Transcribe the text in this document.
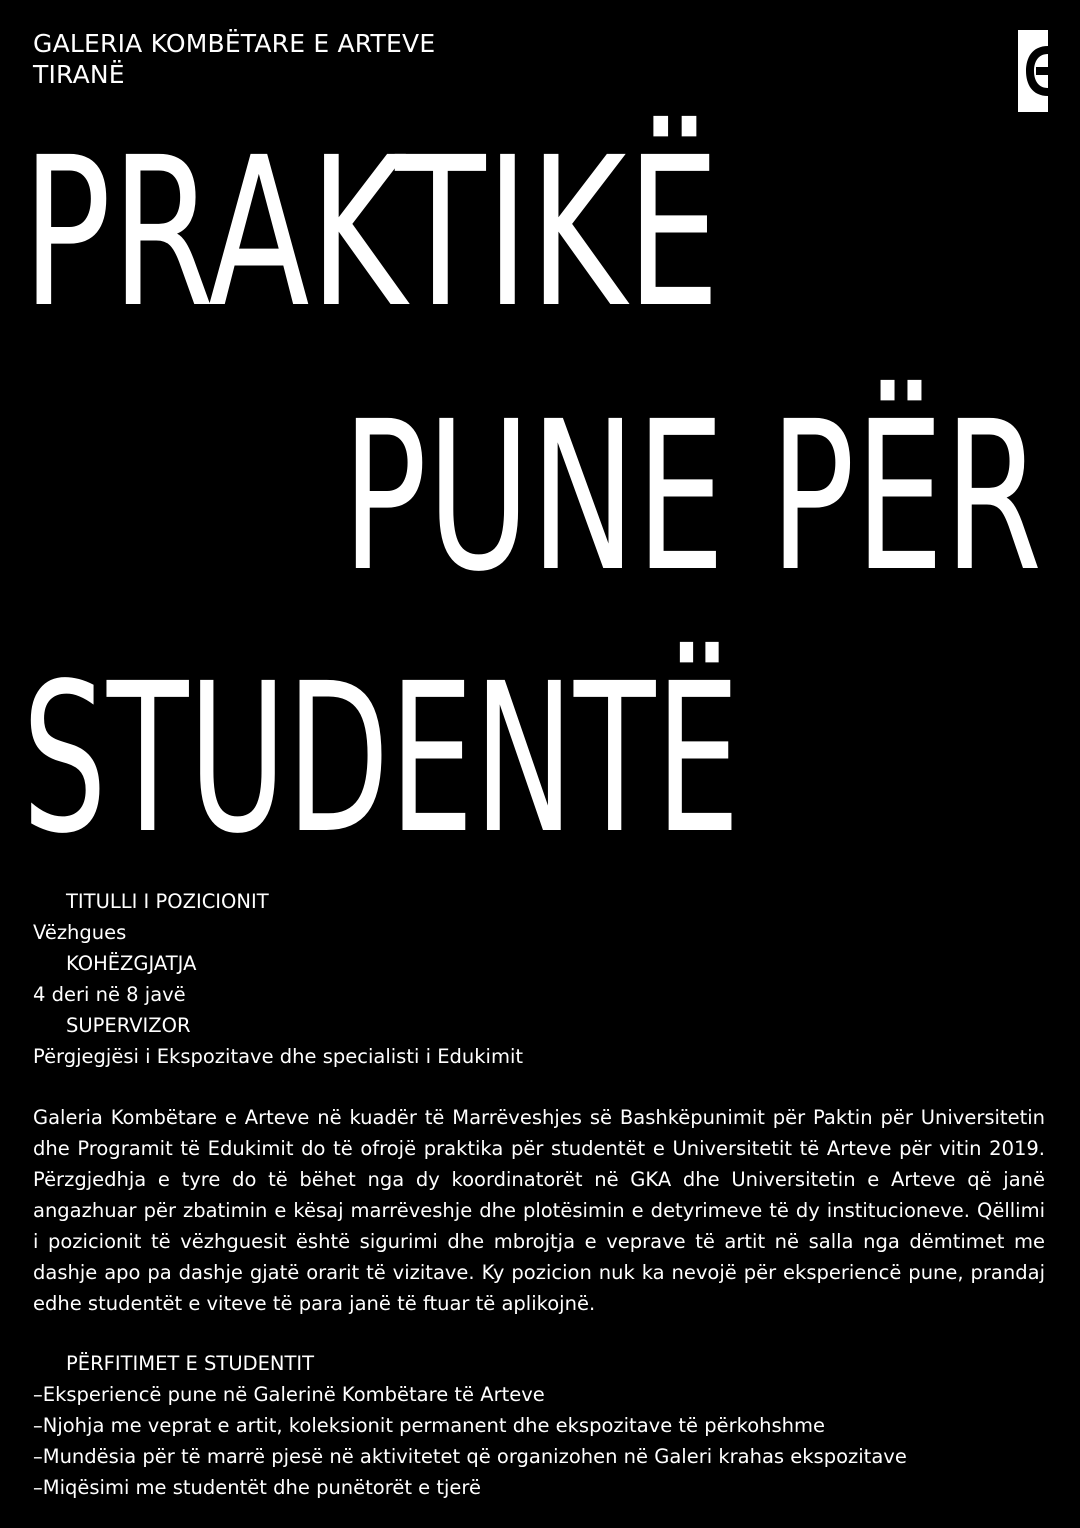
GALERIA KOMBËTARE E ARTEVE
TIRANË
PRAKTIKË
PUNE PËR
STUDENTË
TITULLI I POZICIONIT
Vëzhgues
KOHËZGJATJA
4 deri në 8 javë
SUPERVIZOR
Përgjegjësi i Ekspozitave dhe specialisti i Edukimit
Galeria Kombëtare e Arteve në kuadër të Marrëveshjes së Bashkëpunimit për Paktin për Universitetin dhe Programit të Edukimit do të ofrojë praktika për studentët e Universitetit të Arteve për vitin 2019. Përzgjedhja e tyre do të bëhet nga dy koordinatorët në GKA dhe Universitetin e Arteve që janë angazhuar për zbatimin e kësaj marrëveshje dhe plotësimin e detyrimeve të dy institucioneve. Qëllimi i pozicionit të vëzhguesit është sigurimi dhe mbrojtja e veprave të artit në salla nga dëmtimet me dashje apo pa dashje gjatë orarit të vizitave. Ky pozicion nuk ka nevojë për eksperiencë pune, prandaj edhe studentët e viteve të para janë të ftuar të aplikojnë.
PËRFITIMET E STUDENTIT
–Eksperiencë pune në Galerinë Kombëtare të Arteve
–Njohja me veprat e artit, koleksionit permanent dhe ekspozitave të përkohshme
–Mundësia për të marrë pjesë në aktivitetet që organizohen në Galeri krahas ekspozitave
–Miqësimi me studentët dhe punëtorët e tjerë
